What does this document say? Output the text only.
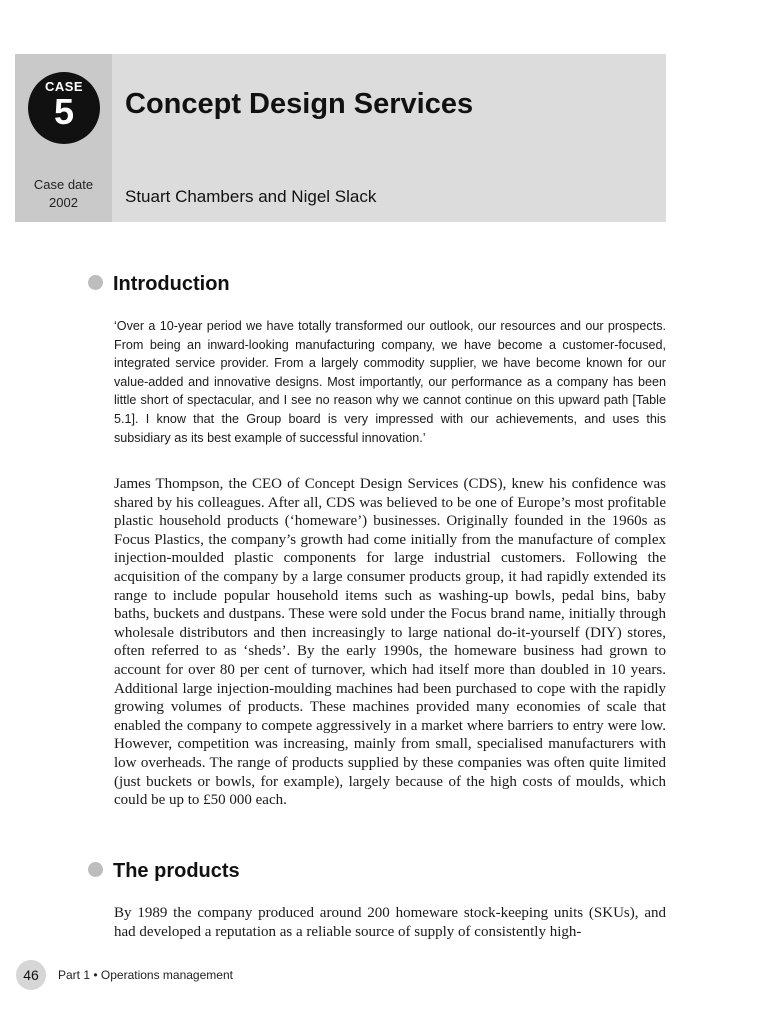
CASE
5
Case date
2002
Concept Design Services
Stuart Chambers and Nigel Slack
Introduction

‘Over a 10-year period we have totally transformed our outlook, our resources and our prospects. From being an inward-looking manufacturing company, we have become a customer-focused, integrated service provider. From a largely commodity supplier, we have become known for our value-added and innovative designs. Most importantly, our performance as a company has been little short of spectacular, and I see no reason why we cannot continue on this upward path [Table 5.1]. I know that the Group board is very impressed with our achievements, and uses this subsidiary as its best example of successful innovation.’

James Thompson, the CEO of Concept Design Services (CDS), knew his confidence was shared by his colleagues. After all, CDS was believed to be one of Europe’s most profitable plastic household products (‘homeware’) businesses. Originally founded in the 1960s as Focus Plastics, the company’s growth had come initially from the manufacture of complex injection-moulded plastic components for large industrial customers. Following the acquisition of the company by a large consumer products group, it had rapidly extended its range to include popular household items such as washing-up bowls, pedal bins, baby baths, buckets and dustpans. These were sold under the Focus brand name, initially through wholesale distributors and then increasingly to large national do-it-yourself (DIY) stores, often referred to as ‘sheds’. By the early 1990s, the homeware business had grown to account for over 80 per cent of turnover, which had itself more than doubled in 10 years. Additional large injection-moulding machines had been purchased to cope with the rapidly growing volumes of products. These machines provided many economies of scale that enabled the company to compete aggressively in a market where barriers to entry were low. However, competition was increasing, mainly from small, specialised manufacturers with low overheads. The range of products supplied by these companies was often quite limited (just buckets or bowls, for example), largely because of the high costs of moulds, which could be up to £50 000 each.

The products

By 1989 the company produced around 200 homeware stock-keeping units (SKUs), and had developed a reputation as a reliable source of supply of consistently high-

46	Part 1 • Operations management
